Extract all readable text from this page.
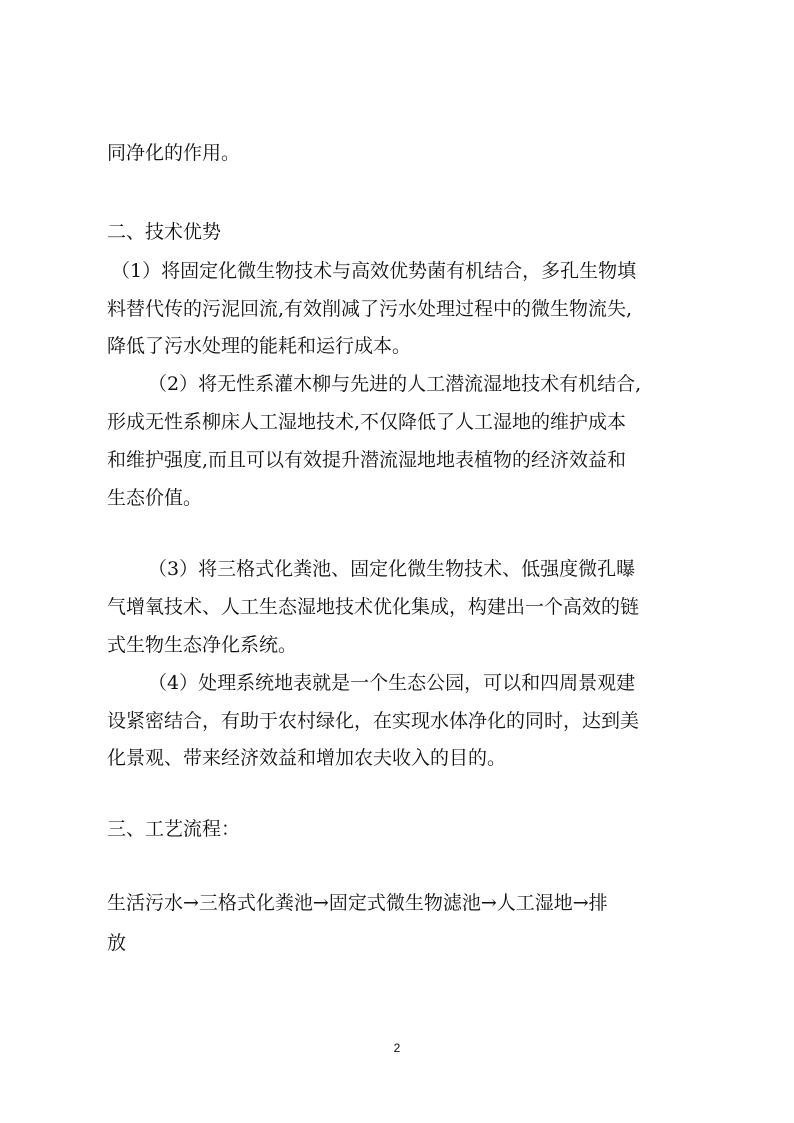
同净化的作用。
二、技术优势
（1）将固定化微生物技术与高效优势菌有机结合，多孔生物填
料替代传的污泥回流,有效削减了污水处理过程中的微生物流失,
降低了污水处理的能耗和运行成本。
（2）将无性系灌木柳与先进的人工潜流湿地技术有机结合,
形成无性系柳床人工湿地技术,不仅降低了人工湿地的维护成本
和维护强度,而且可以有效提升潜流湿地地表植物的经济效益和
生态价值。
（3）将三格式化粪池、固定化微生物技术、低强度微孔曝
气增氧技术、人工生态湿地技术优化集成，构建出一个高效的链
式生物生态净化系统。
（4）处理系统地表就是一个生态公园，可以和四周景观建
设紧密结合，有助于农村绿化，在实现水体净化的同时，达到美
化景观、带来经济效益和增加农夫收入的目的。
三、工艺流程：
生活污水→三格式化粪池→固定式微生物滤池→人工湿地→排
放
2
